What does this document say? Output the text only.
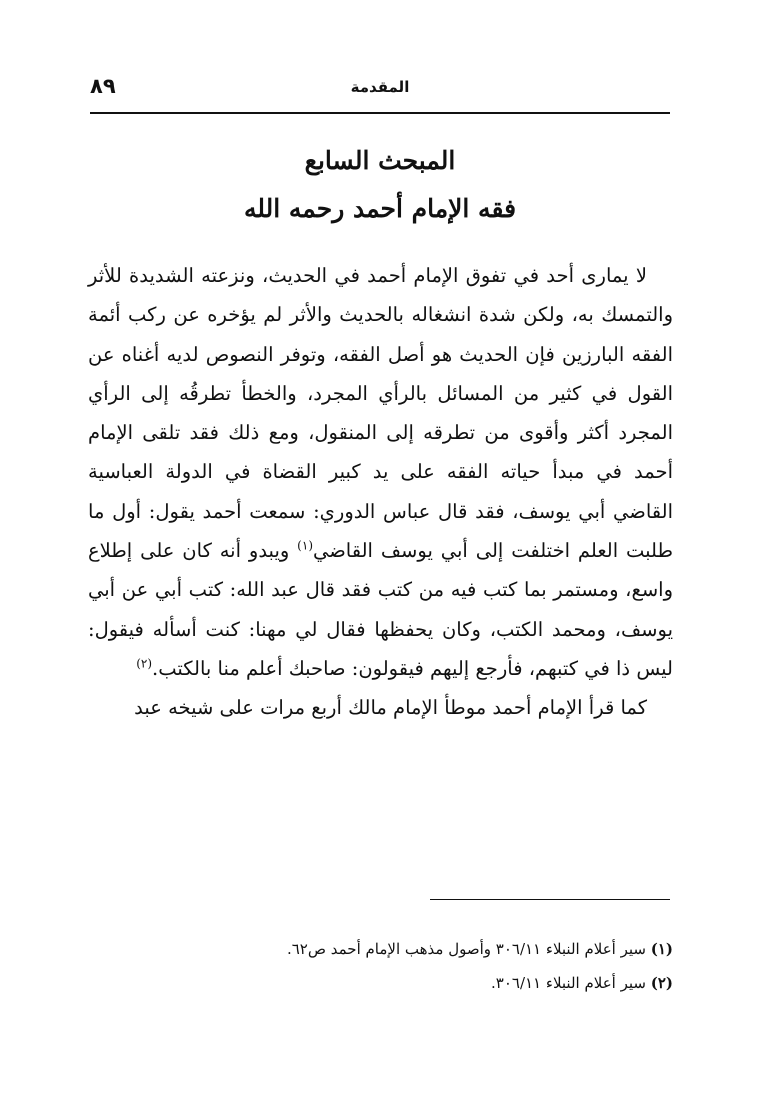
المقدمة
٨٩
المبحث السابع
فقه الإمام أحمد رحمه الله

لا يمارى أحد في تفوق الإمام أحمد في الحديث، ونزعته الشديدة للأثر والتمسك به، ولكن شدة انشغاله بالحديث والأثر لم يؤخره عن ركب أئمة الفقه البارزين فإن الحديث هو أصل الفقه، وتوفر النصوص لديه أغناه عن القول في كثير من المسائل بالرأي المجرد، والخطأ تطرقُه إلى الرأي المجرد أكثر وأقوى من تطرقه إلى المنقول، ومع ذلك فقد تلقى الإمام أحمد في مبدأ حياته الفقه على يد كبير القضاة في الدولة العباسية القاضي أبي يوسف، فقد قال عباس الدوري: سمعت أحمد يقول: أول ما طلبت العلم اختلفت إلى أبي يوسف القاضي$^{(١)}$ ويبدو أنه كان على إطلاع واسع، ومستمر بما كتب فيه من كتب فقد قال عبد الله: كتب أبي عن أبي يوسف، ومحمد الكتب، وكان يحفظها فقال لي مهنا: كنت أسأله فيقول: ليس ذا في كتبهم، فأرجع إليهم فيقولون: صاحبك أعلم منا بالكتب.$^{(٢)}$

كما قرأ الإمام أحمد موطأ الإمام مالك أربع مرات على شيخه عبد

(١) سير أعلام النبلاء ٣٠٦/١١ وأصول مذهب الإمام أحمد ص٦٢.

(٢) سير أعلام النبلاء ٣٠٦/١١.
